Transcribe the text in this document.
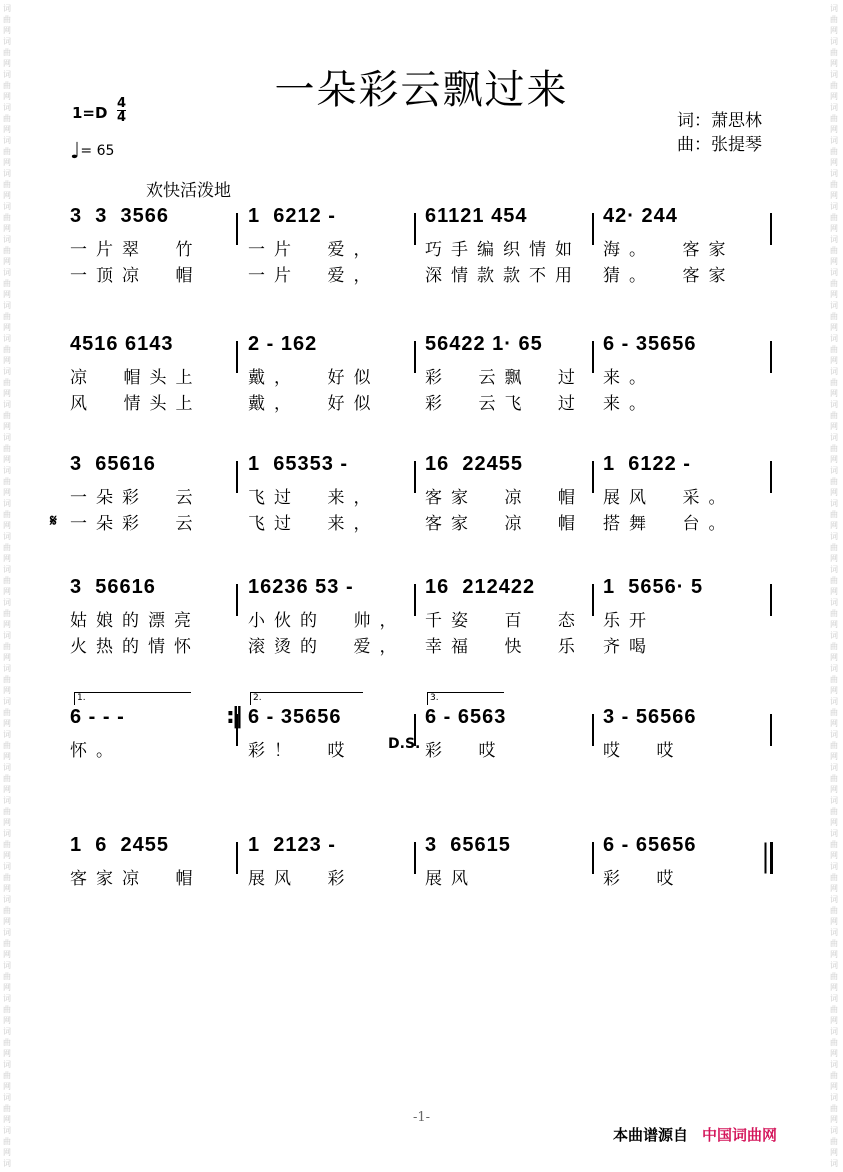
词
曲
网
词
曲
网
词
曲
网
词
曲
网
词
曲
网
词
曲
网
词
曲
网
词
曲
网
词
曲
网
词
曲
网
词
曲
网
词
曲
网
词
曲
网
词
曲
网
词
曲
网
词
曲
网
词
曲
网
词
曲
网
词
曲
网
词
曲
网
词
曲
网
词
曲
网
词
曲
网
词
曲
网
词
曲
网
词
曲
网
词
曲
网
词
曲
网
词
曲
网
词
曲
网
词
曲
网
词
曲
网
词
曲
网
词
曲
网
词
曲
网
词
词
曲
网
词
曲
网
词
曲
网
词
曲
网
词
曲
网
词
曲
网
词
曲
网
词
曲
网
词
曲
网
词
曲
网
词
曲
网
词
曲
网
词
曲
网
词
曲
网
词
曲
网
词
曲
网
词
曲
网
词
曲
网
词
曲
网
词
曲
网
词
曲
网
词
曲
网
词
曲
网
词
曲
网
词
曲
网
词
曲
网
词
曲
网
词
曲
网
词
曲
网
词
曲
网
词
曲
网
词
曲
网
词
曲
网
词
曲
网
词
曲
网
词
一朵彩云飘过来
1=D
4
4
♩= 65
词：萧思林
曲：张提琴
欢快活泼地
3  3  3566
一片翠  竹
一顶凉  帽
1  6212 -
一片  爱，
一片  爱，
61121 454
巧手编织情如
深情款款不用
42· 244
海。  客家
猜。  客家
4516 6143
凉  帽头上
风  情头上
2 - 162
戴，  好似
戴，  好似
56422 1· 65
彩  云飘  过
彩  云飞  过
6 - 35656
来。
来。
3  65616
一朵彩  云
一朵彩  云
1  65353 -
飞过  来，
飞过  来，
16  22455
客家  凉  帽
客家  凉  帽
1  6122 -
展风  采。
搭舞  台。
𝄋
3  56616
姑娘的漂亮
火热的情怀
16236 53 -
小伙的  帅，
滚烫的  爱，
16  212422
千姿  百  态
幸福  快  乐
1  5656· 5
乐开
齐喝
6 - - -
怀。
6 - 35656
彩！  哎
6 - 6563
彩  哎
3 - 56566
哎  哎
1.	2.	3.
D.S.
:‖
1  6  2455
客家凉  帽
1  2123 -
展风  彩
3  65615
展风
6 - 65656
彩  哎
-1-
本曲谱源自 中国词曲网
